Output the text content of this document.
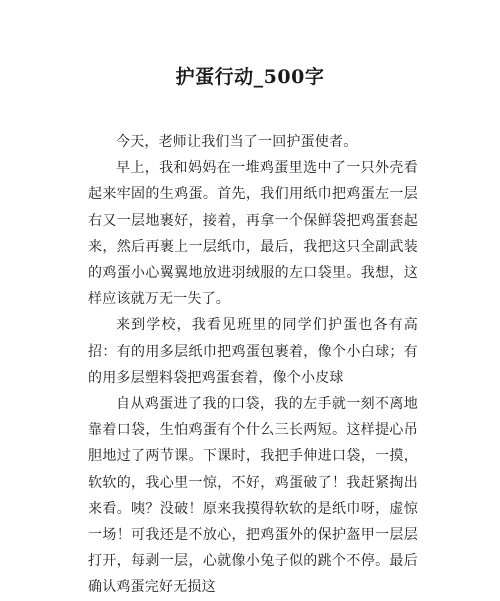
护蛋行动_500字

今天，老师让我们当了一回护蛋使者。

早上，我和妈妈在一堆鸡蛋里选中了一只外壳看起来牢固的生鸡蛋。首先，我们用纸巾把鸡蛋左一层右又一层地裹好，接着，再拿一个保鲜袋把鸡蛋套起来，然后再裹上一层纸巾，最后，我把这只全副武装的鸡蛋小心翼翼地放进羽绒服的左口袋里。我想，这样应该就万无一失了。

来到学校，我看见班里的同学们护蛋也各有高招：有的用多层纸巾把鸡蛋包裹着，像个小白球；有的用多层塑料袋把鸡蛋套着，像个小皮球

自从鸡蛋进了我的口袋，我的左手就一刻不离地靠着口袋，生怕鸡蛋有个什么三长两短。这样提心吊胆地过了两节课。下课时，我把手伸进口袋，一摸，软软的，我心里一惊，不好，鸡蛋破了！我赶紧掏出来看。咦？没破！原来我摸得软软的是纸巾呀，虚惊一场！可我还是不放心，把鸡蛋外的保护盔甲一层层打开，每剥一层，心就像小兔子似的跳个不停。最后确认鸡蛋完好无损这
